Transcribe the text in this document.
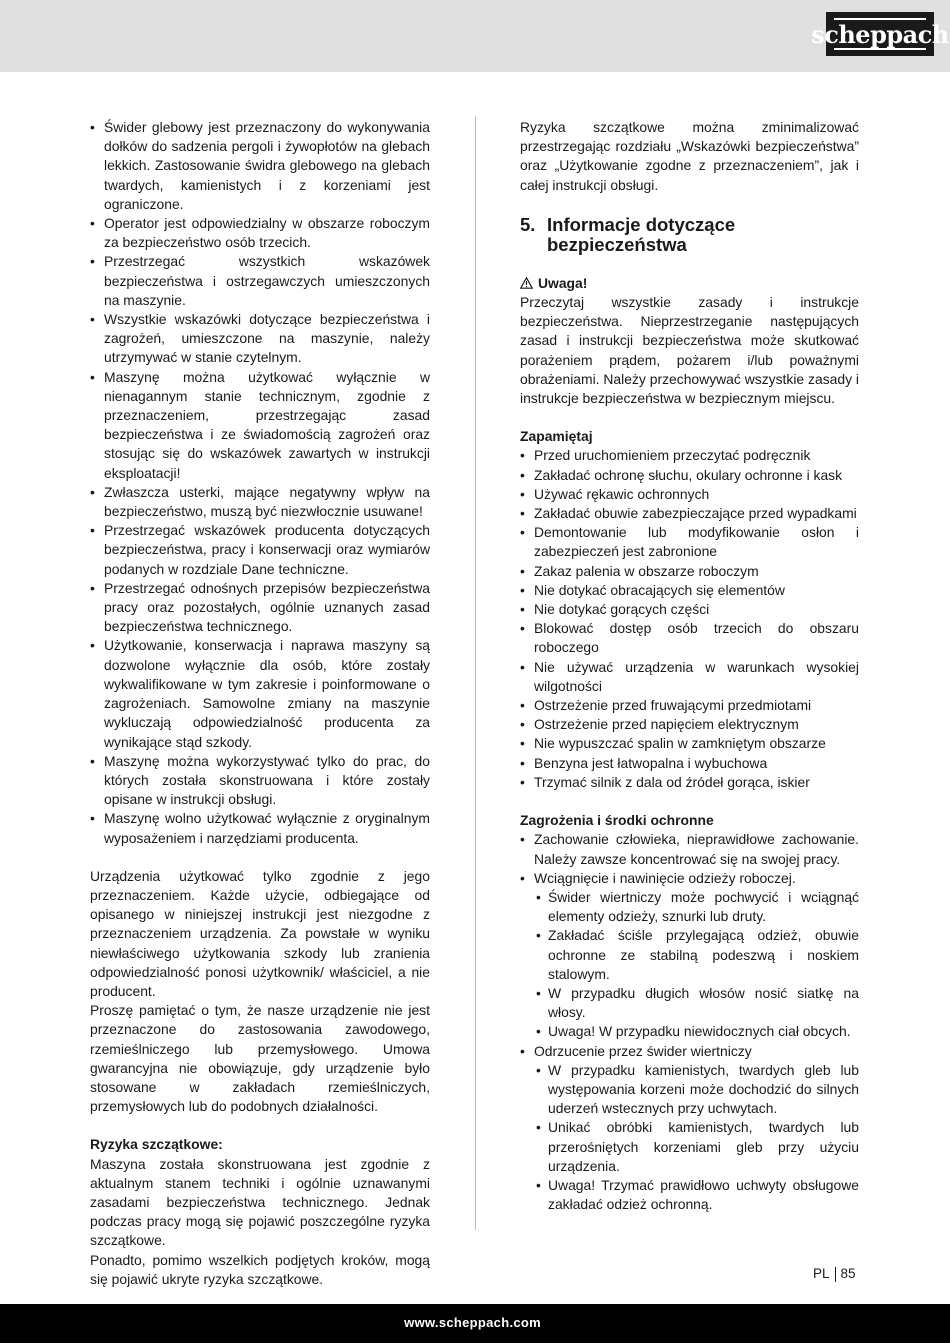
scheppach
• Świder glebowy jest przeznaczony do wykonywania dołków do sadzenia pergoli i żywopłotów na glebach lekkich. Zastosowanie świdra glebowego na glebach twardych, kamienistych i z korzeniami jest ograniczone.
• Operator jest odpowiedzialny w obszarze roboczym za bezpieczeństwo osób trzecich.
• Przestrzegać wszystkich wskazówek bezpieczeństwa i ostrzegawczych umieszczonych na maszynie.
• Wszystkie wskazówki dotyczące bezpieczeństwa i zagrożeń, umieszczone na maszynie, należy utrzymywać w stanie czytelnym.
• Maszynę można użytkować wyłącznie w nienagannym stanie technicznym, zgodnie z przeznaczeniem, przestrzegając zasad bezpieczeństwa i ze świadomością zagrożeń oraz stosując się do wskazówek zawartych w instrukcji eksploatacji!
• Zwłaszcza usterki, mające negatywny wpływ na bezpieczeństwo, muszą być niezwłocznie usuwane!
• Przestrzegać wskazówek producenta dotyczących bezpieczeństwa, pracy i konserwacji oraz wymiarów podanych w rozdziale Dane techniczne.
• Przestrzegać odnośnych przepisów bezpieczeństwa pracy oraz pozostałych, ogólnie uznanych zasad bezpieczeństwa technicznego.
• Użytkowanie, konserwacja i naprawa maszyny są dozwolone wyłącznie dla osób, które zostały wykwalifikowane w tym zakresie i poinformowane o zagrożeniach. Samowolne zmiany na maszynie wykluczają odpowiedzialność producenta za wynikające stąd szkody.
• Maszynę można wykorzystywać tylko do prac, do których została skonstruowana i które zostały opisane w instrukcji obsługi.
• Maszynę wolno użytkować wyłącznie z oryginalnym wyposażeniem i narzędziami producenta.

Urządzenia użytkować tylko zgodnie z jego przeznaczeniem. Każde użycie, odbiegające od opisanego w niniejszej instrukcji jest niezgodne z przeznaczeniem urządzenia. Za powstałe w wyniku niewłaściwego użytkowania szkody lub zranienia odpowiedzialność ponosi użytkownik/ właściciel, a nie producent.

Proszę pamiętać o tym, że nasze urządzenie nie jest przeznaczone do zastosowania zawodowego, rzemieślniczego lub przemysłowego. Umowa gwarancyjna nie obowiązuje, gdy urządzenie było stosowane w zakładach rzemieślniczych, przemysłowych lub do podobnych działalności.

Ryzyka szczątkowe:

Maszyna została skonstruowana jest zgodnie z aktualnym stanem techniki i ogólnie uznawanymi zasadami bezpieczeństwa technicznego. Jednak podczas pracy mogą się pojawić poszczególne ryzyka szczątkowe.

Ponadto, pomimo wszelkich podjętych kroków, mogą się pojawić ukryte ryzyka szczątkowe.

Ryzyka szczątkowe można zminimalizować przestrzegając rozdziału „Wskazówki bezpieczeństwa” oraz „Użytkowanie zgodne z przeznaczeniem”, jak i całej instrukcji obsługi.

5. Informacje dotyczące bezpieczeństwa
Uwaga!

Przeczytaj wszystkie zasady i instrukcje bezpieczeństwa. Nieprzestrzeganie następujących zasad i instrukcji bezpieczeństwa może skutkować porażeniem prądem, pożarem i/lub poważnymi obrażeniami. Należy przechowywać wszystkie zasady i instrukcje bezpieczeństwa w bezpiecznym miejscu.

Zapamiętaj

• Przed uruchomieniem przeczytać podręcznik
• Zakładać ochronę słuchu, okulary ochronne i kask
• Używać rękawic ochronnych
• Zakładać obuwie zabezpieczające przed wypadkami
• Demontowanie lub modyfikowanie osłon i zabezpieczeń jest zabronione
• Zakaz palenia w obszarze roboczym
• Nie dotykać obracających się elementów
• Nie dotykać gorących części
• Blokować dostęp osób trzecich do obszaru roboczego
• Nie używać urządzenia w warunkach wysokiej wilgotności
• Ostrzeżenie przed fruwającymi przedmiotami
• Ostrzeżenie przed napięciem elektrycznym
• Nie wypuszczać spalin w zamkniętym obszarze
• Benzyna jest łatwopalna i wybuchowa
• Trzymać silnik z dala od źródeł gorąca, iskier

Zagrożenia i środki ochronne

• Zachowanie człowieka, nieprawidłowe zachowanie. Należy zawsze koncentrować się na swojej pracy.
• Wciągnięcie i nawinięcie odzieży roboczej.
• Świder wiertniczy może pochwycić i wciągnąć elementy odzieży, sznurki lub druty.
• Zakładać ściśle przylegającą odzież, obuwie ochronne ze stabilną podeszwą i noskiem stalowym.
• W przypadku długich włosów nosić siatkę na włosy.
• Uwaga! W przypadku niewidocznych ciał obcych.
• Odrzucenie przez świder wiertniczy
• W przypadku kamienistych, twardych gleb lub występowania korzeni może dochodzić do silnych uderzeń wstecznych przy uchwytach.
• Unikać obróbki kamienistych, twardych lub przerośniętych korzeniami gleb przy użyciu urządzenia.
• Uwaga! Trzymać prawidłowo uchwyty obsługowe zakładać odzież ochronną.
PL 85
www.scheppach.com
